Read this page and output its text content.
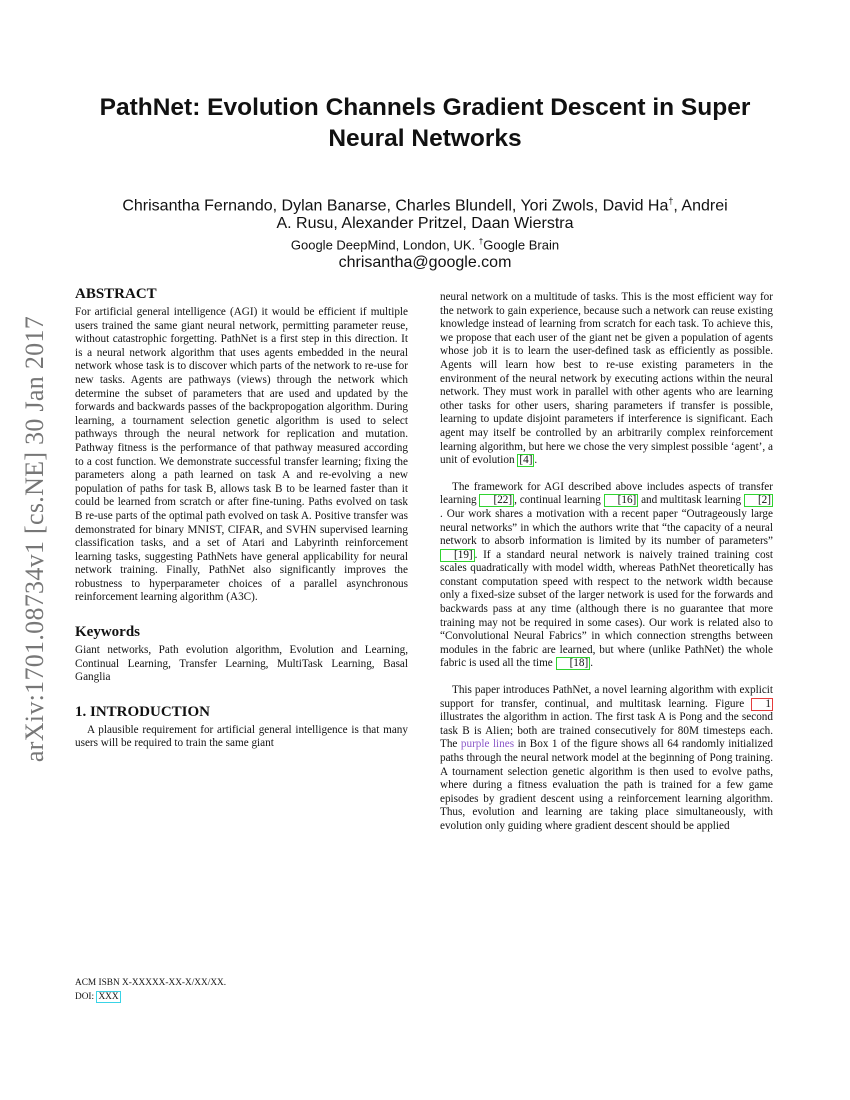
arXiv:1701.08734v1 [cs.NE] 30 Jan 2017
PathNet: Evolution Channels Gradient Descent in Super Neural Networks
Chrisantha Fernando, Dylan Banarse, Charles Blundell, Yori Zwols, David Ha†, Andrei
A. Rusu, Alexander Pritzel, Daan Wierstra
Google DeepMind, London, UK. †Google Brain
chrisantha@google.com
ABSTRACT

For artificial general intelligence (AGI) it would be efficient if multiple users trained the same giant neural network, permitting parameter reuse, without catastrophic forgetting. PathNet is a first step in this direction. It is a neural network algorithm that uses agents embedded in the neural network whose task is to discover which parts of the network to re-use for new tasks. Agents are pathways (views) through the network which determine the subset of parameters that are used and updated by the forwards and backwards passes of the backpropogation algorithm. During learning, a tournament selection genetic algorithm is used to select pathways through the neural network for replication and mutation. Pathway fitness is the performance of that pathway measured according to a cost function. We demonstrate successful transfer learning; fixing the parameters along a path learned on task A and re-evolving a new population of paths for task B, allows task B to be learned faster than it could be learned from scratch or after fine-tuning. Paths evolved on task B re-use parts of the optimal path evolved on task A. Positive transfer was demonstrated for binary MNIST, CIFAR, and SVHN supervised learning classification tasks, and a set of Atari and Labyrinth reinforcement learning tasks, suggesting PathNets have general applicability for neural network training. Finally, PathNet also significantly improves the robustness to hyperparameter choices of a parallel asynchronous reinforcement learning algorithm (A3C).

Keywords

Giant networks, Path evolution algorithm, Evolution and Learning, Continual Learning, Transfer Learning, MultiTask Learning, Basal Ganglia

1. INTRODUCTION

A plausible requirement for artificial general intelligence is that many users will be required to train the same giant

neural network on a multitude of tasks. This is the most efficient way for the network to gain experience, because such a network can reuse existing knowledge instead of learning from scratch for each task. To achieve this, we propose that each user of the giant net be given a population of agents whose job it is to learn the user-defined task as efficiently as possible. Agents will learn how best to re-use existing parameters in the environment of the neural network by executing actions within the neural network. They must work in parallel with other agents who are learning other tasks for other users, sharing parameters if transfer is possible, learning to update disjoint parameters if interference is significant. Each agent may itself be controlled by an arbitrarily complex reinforcement learning algorithm, but here we chose the very simplest possible ‘agent’, a unit of evolution [4] .

The framework for AGI described above includes aspects of transfer learning [22] , continual learning [16] and multitask learning [2]. Our work shares a motivation with a recent paper “Outrageously large neural networks” in which the authors write that “the capacity of a neural network to absorb information is limited by its number of parameters” [19] . If a standard neural network is naively trained training cost scales quadratically with model width, whereas PathNet theoretically has constant computation speed with respect to the network width because only a fixed-size subset of the larger network is used for the forwards and backwards pass at any time (although there is no guarantee that more training may not be required in some cases). Our work is related also to “Convolutional Neural Fabrics” in which connection strengths between modules in the fabric are learned, but where (unlike PathNet) the whole fabric is used all the time [18] .

This paper introduces PathNet, a novel learning algorithm with explicit support for transfer, continual, and multitask learning. Figure 1 illustrates the algorithm in action. The first task A is Pong and the second task B is Alien; both are trained consecutively for 80M timesteps each. The purple lines in Box 1 of the figure shows all 64 randomly initialized paths through the neural network model at the beginning of Pong training. A tournament selection genetic algorithm is then used to evolve paths, where during a fitness evaluation the path is trained for a few game episodes by gradient descent using a reinforcement learning algorithm. Thus, evolution and learning are taking place simultaneously, with evolution only guiding where gradient descent should be applied

ACM ISBN X-XXXXX-XX-X/XX/XX.
DOI: XXX
